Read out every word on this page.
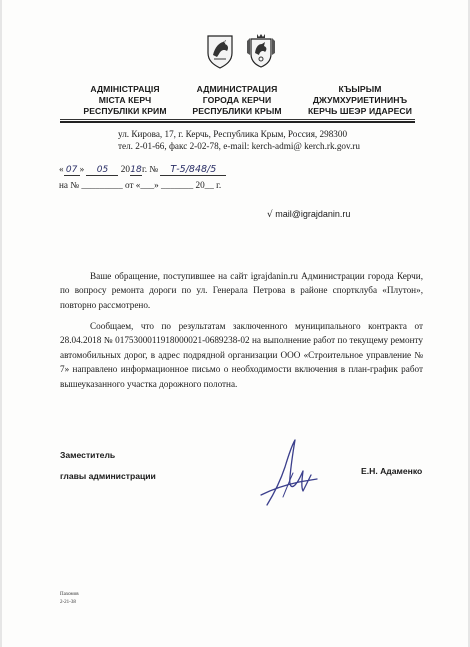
АДМІНІСТРАЦІЯ
МІСТА КЕРЧ
РЕСПУБЛІКИ КРИМ
АДМИНИСТРАЦИЯ
ГОРОДА КЕРЧИ
РЕСПУБЛИКИ КРЫМ
КЪЫРЫМ
ДЖУМХУРИЕТИНИНЪ
КЕРЧЬ ШЕЭР ИДАРЕСИ
ул. Кирова, 17, г. Керчь, Республика Крым, Россия, 298300
тел. 2-01-66, факс 2-02-78, e-mail: kerch-admi@ kerch.rk.gov.ru
« 07 » 05 2018г. № Т-5/848/5
на № _________ от «___» _______ 20__ г.
√ mail@igrajdanin.ru
Ваше обращение, поступившее на сайт igrajdanin.ru Администрации города Керчи, по вопросу ремонта дороги по ул. Генерала Петрова в районе спортклуба «Плутон», повторно рассмотрено.
Сообщаем, что по результатам заключенного муниципального контракта от 28.04.2018 № 0175300011918000021-0689238-02 на выполнение работ по текущему ремонту автомобильных дорог, в адрес подрядной организации ООО «Строительное управление № 7» направлено информационное письмо о необходимости включения в план-график работ вышеуказанного участка дорожного полотна.
Заместитель
главы администрации	Е.Н. Адаменко
Пахомов
2-21-38
